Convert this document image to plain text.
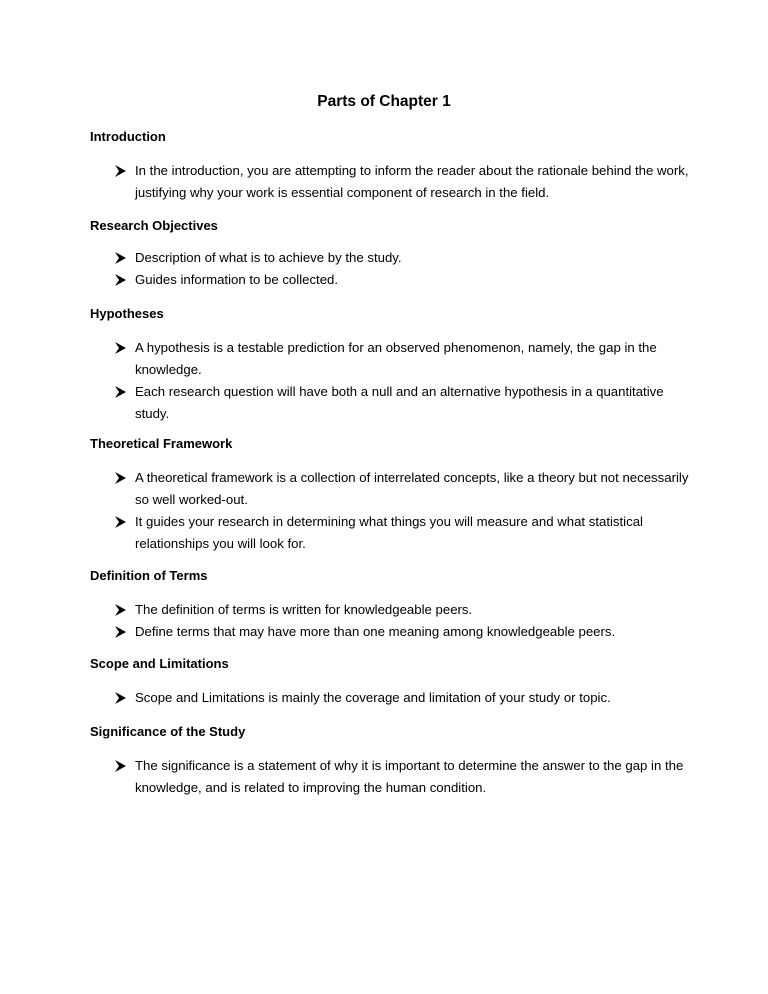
Parts of Chapter 1

Introduction

In the introduction, you are attempting to inform the reader about the rationale behind the work, justifying why your work is essential component of research in the field.

Research Objectives

Description of what is to achieve by the study.
Guides information to be collected.

Hypotheses

A hypothesis is a testable prediction for an observed phenomenon, namely, the gap in the knowledge.
Each research question will have both a null and an alternative hypothesis in a quantitative study.

Theoretical Framework

A theoretical framework is a collection of interrelated concepts, like a theory but not necessarily so well worked-out.
It guides your research in determining what things you will measure and what statistical relationships you will look for.

Definition of Terms

The definition of terms is written for knowledgeable peers.
Define terms that may have more than one meaning among knowledgeable peers.

Scope and Limitations

Scope and Limitations is mainly the coverage and limitation of your study or topic.

Significance of the Study

The significance is a statement of why it is important to determine the answer to the gap in the knowledge, and is related to improving the human condition.
